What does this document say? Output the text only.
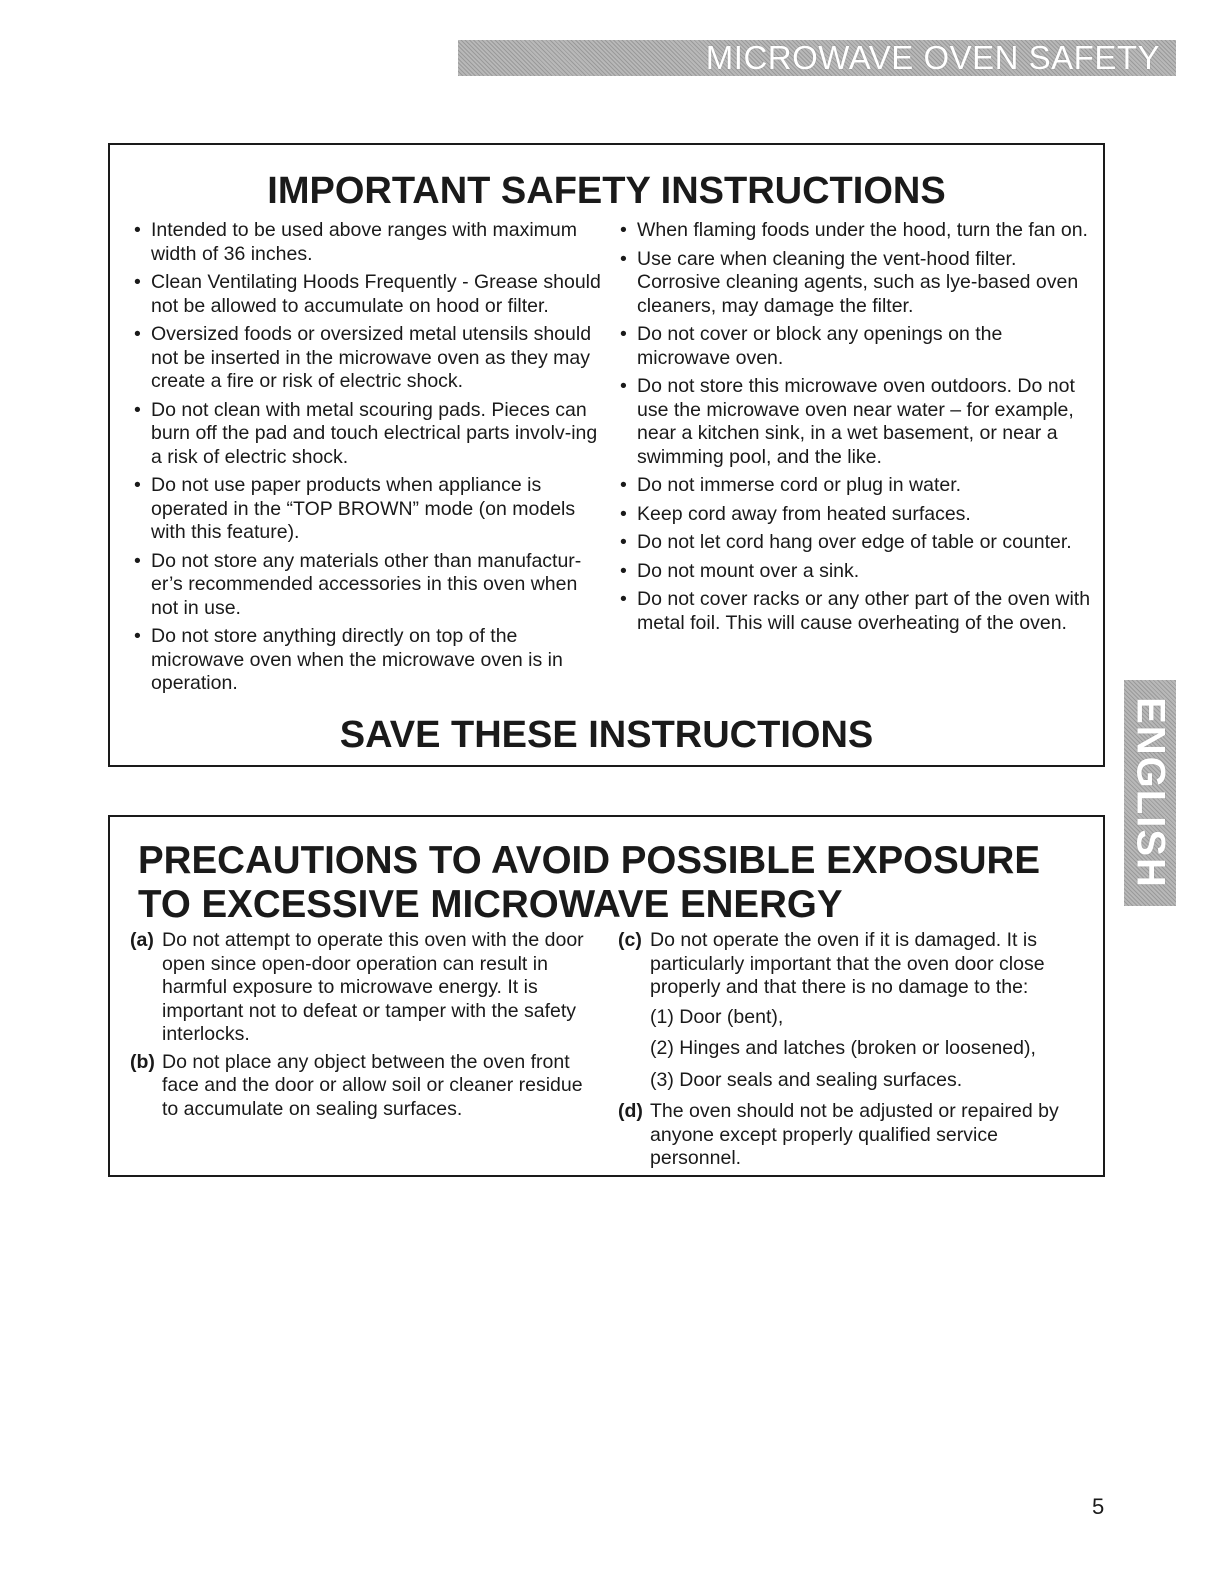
MICROWAVE OVEN SAFETY
ENGLISH
IMPORTANT SAFETY INSTRUCTIONS
• Intended to be used above ranges with maximum width of 36 inches.
• Clean Ventilating Hoods Frequently - Grease should not be allowed to accumulate on hood or filter.
• Oversized foods or oversized metal utensils should not be inserted in the microwave oven as they may create a fire or risk of electric shock.
• Do not clean with metal scouring pads. Pieces can burn off the pad and touch electrical parts involv-ing a risk of electric shock.
• Do not use paper products when appliance is operated in the “TOP BROWN” mode (on models with this feature).
• Do not store any materials other than manufactur-er’s recommended accessories in this oven when not in use.
• Do not store anything directly on top of the microwave oven when the microwave oven is in operation.
• When flaming foods under the hood, turn the fan on.
• Use care when cleaning the vent-hood filter. Corrosive cleaning agents, such as lye-based oven cleaners, may damage the filter.
• Do not cover or block any openings on the microwave oven.
• Do not store this microwave oven outdoors. Do not use the microwave oven near water – for example, near a kitchen sink, in a wet basement, or near a swimming pool, and the like.
• Do not immerse cord or plug in water.
• Keep cord away from heated surfaces.
• Do not let cord hang over edge of table or counter.
• Do not mount over a sink.
• Do not cover racks or any other part of the oven with metal foil. This will cause overheating of the oven.
SAVE THESE INSTRUCTIONS
PRECAUTIONS TO AVOID POSSIBLE EXPOSURE TO EXCESSIVE MICROWAVE ENERGY
(a) Do not attempt to operate this oven with the door open since open-door operation can result in harmful exposure to microwave energy. It is important not to defeat or tamper with the safety interlocks.
(b) Do not place any object between the oven front face and the door or allow soil or cleaner residue to accumulate on sealing surfaces.
(c) Do not operate the oven if it is damaged. It is particularly important that the oven door close properly and that there is no damage to the:
(1) Door (bent),
(2) Hinges and latches (broken or loosened),
(3) Door seals and sealing surfaces.
(d) The oven should not be adjusted or repaired by anyone except properly qualified service personnel.
5
